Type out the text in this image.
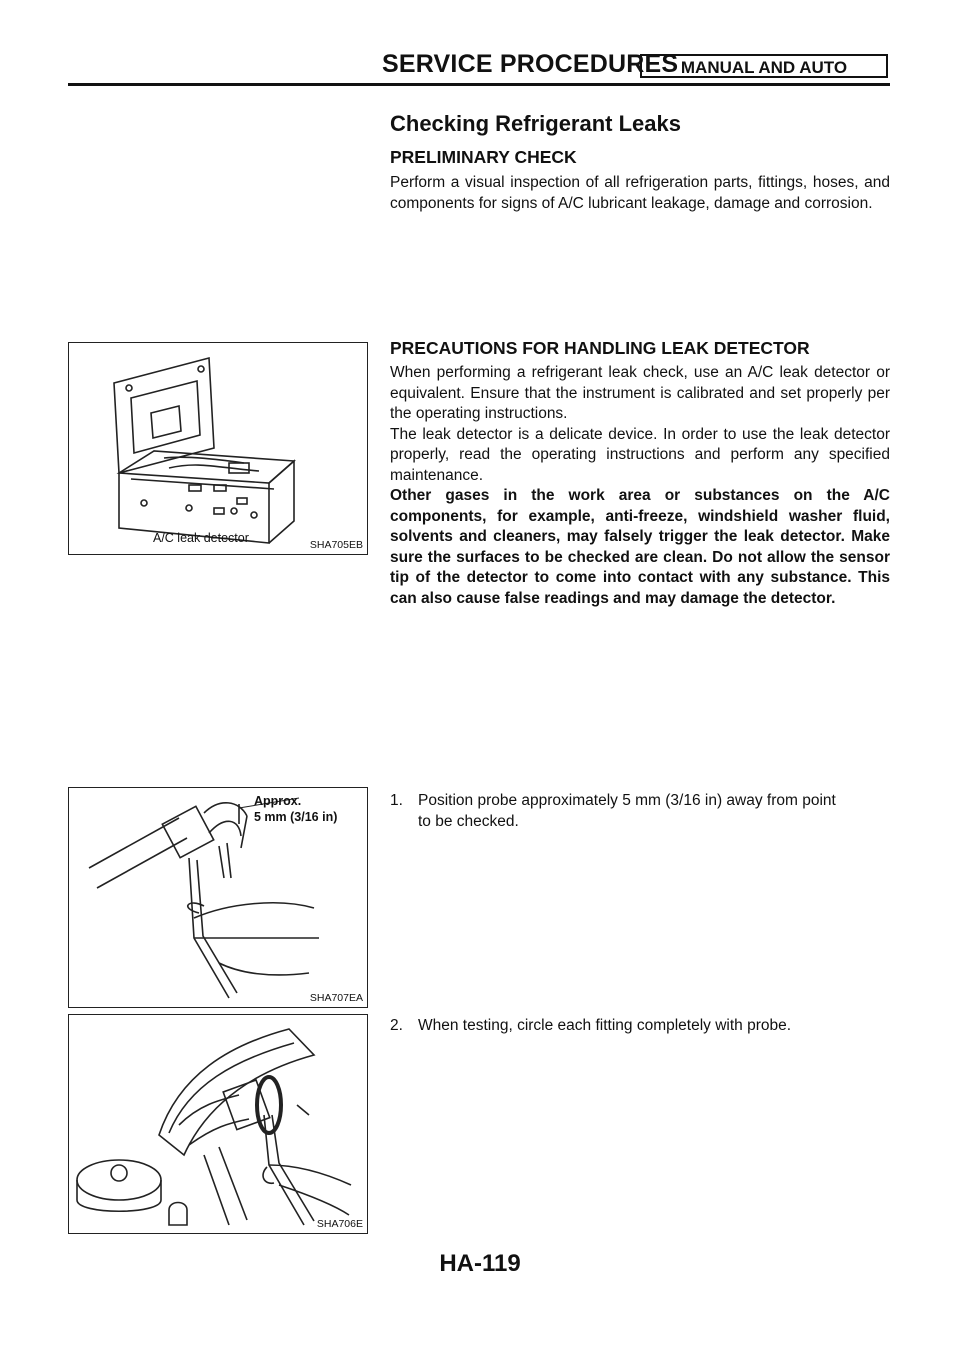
SERVICE PROCEDURES MANUAL AND AUTO
Checking Refrigerant Leaks
PRELIMINARY CHECK

Perform a visual inspection of all refrigeration parts, fittings, hoses, and components for signs of A/C lubricant leakage, damage and corrosion.

PRECAUTIONS FOR HANDLING LEAK DETECTOR

When performing a refrigerant leak check, use an A/C leak detector or equivalent. Ensure that the instrument is calibrated and set properly per the operating instructions.

The leak detector is a delicate device. In order to use the leak detector properly, read the operating instructions and perform any specified maintenance.

Other gases in the work area or substances on the A/C components, for example, anti-freeze, windshield washer fluid, solvents and cleaners, may falsely trigger the leak detector. Make sure the surfaces to be checked are clean. Do not allow the sensor tip of the detector to come into contact with any substance. This can also cause false readings and may damage the detector.

1. Position probe approximately 5 mm (3/16 in) away from point
to be checked.
2. When testing, circle each fitting completely with probe.
A/C leak detector	SHA705EB
Approx.
5 mm (3/16 in)
SHA707EA
SHA706E
HA-119
